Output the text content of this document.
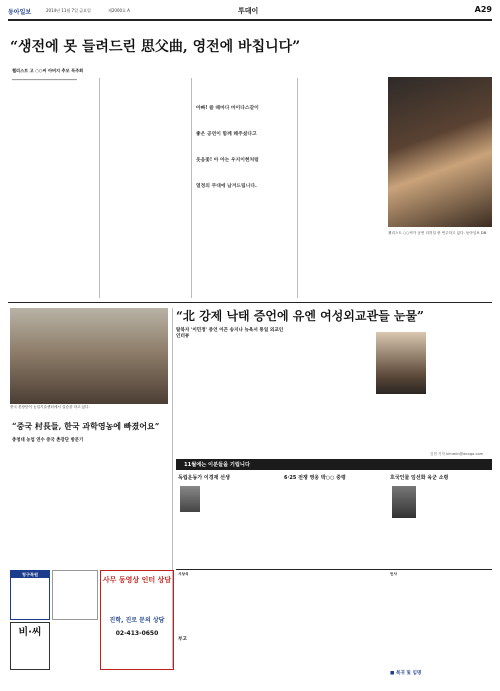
동아일보	2014년 11월 7일 금요일	제2000호 A	투데이	A29
“생전에 못 들려드린 思父曲, 영전에 바칩니다”
첼리스트 고 ○○씨 아버지 추모 독주회
━━━━━━━━━━━━━━━━━━━━━━━━━━━━━━
아빠! 쓸 때마다 마이다스같이
좋은 공연이 함께 해주셨다고
웃음꽃! 아 아는 우지이현처럼
열정의 무대에 남겨드립니다.
첼리스트 ○○씨가 공연 리허설 중 연주하고 있다. 동아일보 DB
“北 강제 낙태 증언에 유엔 여성외교관들 눈물”
탈북자 '이민정' 증언 이끈 송지나 뉴욕서 통일 외교인 인터뷰
김민 기자 kimmin@donga.com
중국 촌장단이 농업기술센터에서 실습을 하고 있다.
“중국 村長들, 한국 과학영농에 빠졌어요”
충청대 농업 연수 중국 촌장단 방문기
11월에는 이분들을 기립니다
독립운동가 이경재 선생	6·25 전쟁 영웅 박○○ 중령	호국인물 임선화 육군 소령
시상식	인사
부고
■ 복귀 및 임명
청구목원
비·씨
사무 동영상 인터 상담
진학, 진로 문의 상담
02-413-0650
